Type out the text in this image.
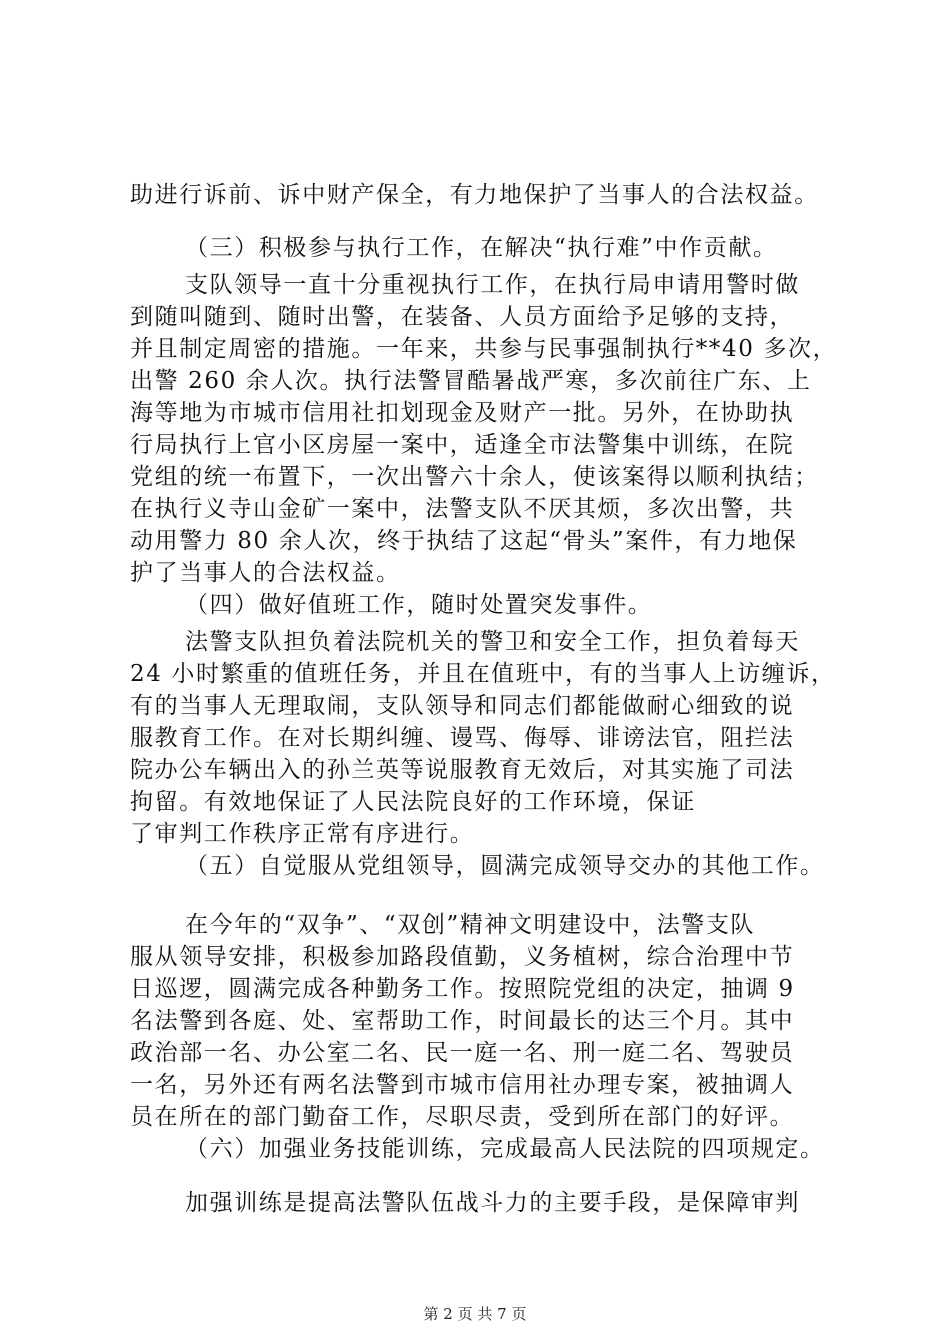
助进行诉前、诉中财产保全，有力地保护了当事人的合法权益。
（三）积极参与执行工作，在解决“执行难”中作贡献。
支队领导一直十分重视执行工作，在执行局申请用警时做
到随叫随到、随时出警，在装备、人员方面给予足够的支持，
并且制定周密的措施。一年来，共参与民事强制执行**40 多次，
出警 260 余人次。执行法警冒酷暑战严寒，多次前往广东、上
海等地为市城市信用社扣划现金及财产一批。另外，在协助执
行局执行上官小区房屋一案中，适逢全市法警集中训练，在院
党组的统一布置下，一次出警六十余人，使该案得以顺利执结；
在执行义寺山金矿一案中，法警支队不厌其烦，多次出警，共
动用警力 80 余人次，终于执结了这起“骨头”案件，有力地保
护了当事人的合法权益。
（四）做好值班工作，随时处置突发事件。
法警支队担负着法院机关的警卫和安全工作，担负着每天
24 小时繁重的值班任务，并且在值班中，有的当事人上访缠诉，
有的当事人无理取闹，支队领导和同志们都能做耐心细致的说
服教育工作。在对长期纠缠、谩骂、侮辱、诽谤法官，阻拦法
院办公车辆出入的孙兰英等说服教育无效后，对其实施了司法
拘留。有效地保证了人民法院良好的工作环境，保证
了审判工作秩序正常有序进行。
（五）自觉服从党组领导，圆满完成领导交办的其他工作。
在今年的“双争”、“双创”精神文明建设中，法警支队
服从领导安排，积极参加路段值勤，义务植树，综合治理中节
日巡逻，圆满完成各种勤务工作。按照院党组的决定，抽调 9
名法警到各庭、处、室帮助工作，时间最长的达三个月。其中
政治部一名、办公室二名、民一庭一名、刑一庭二名、驾驶员
一名，另外还有两名法警到市城市信用社办理专案，被抽调人
员在所在的部门勤奋工作，尽职尽责，受到所在部门的好评。
（六）加强业务技能训练，完成最高人民法院的四项规定。
加强训练是提高法警队伍战斗力的主要手段，是保障审判
第 2 页 共 7 页
